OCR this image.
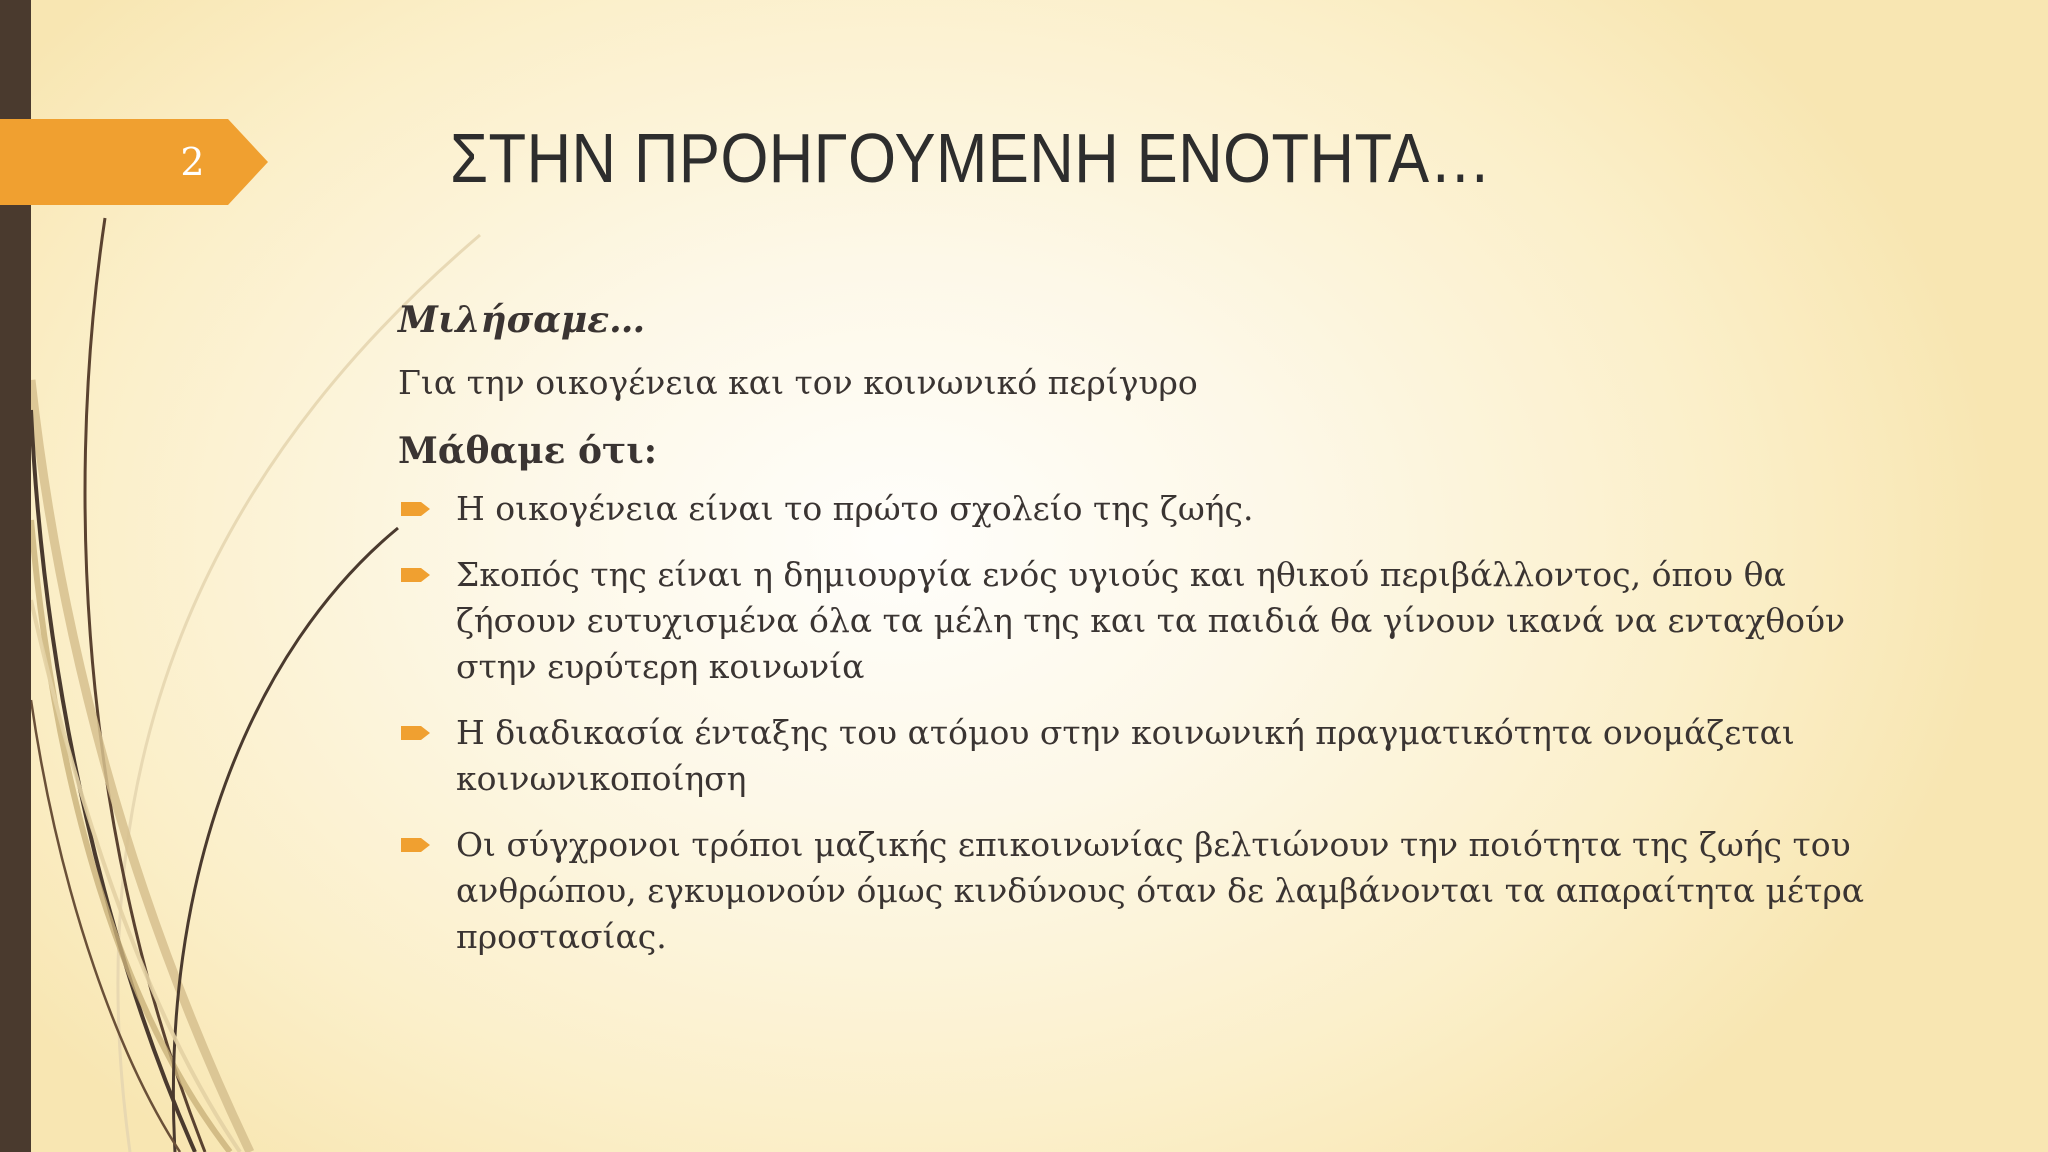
2	ΣΤΗΝ ΠΡΟΗΓΟΥΜΕΝΗ ΕΝΟΤΗΤΑ…

Μιλήσαμε…

Για την οικογένεια και τον κοινωνικό περίγυρο

Μάθαμε ότι:

Η οικογένεια είναι το πρώτο σχολείο της ζωής.
Σκοπός της είναι η δημιουργία ενός υγιούς και ηθικού περιβάλλοντος, όπου θα ζήσουν ευτυχισμένα όλα τα μέλη της και τα παιδιά θα γίνουν ικανά να ενταχθούν στην ευρύτερη κοινωνία
Η διαδικασία ένταξης του ατόμου στην κοινωνική πραγματικότητα ονομάζεται κοινωνικοποίηση
Οι σύγχρονοι τρόποι μαζικής επικοινωνίας βελτιώνουν την ποιότητα της ζωής του ανθρώπου, εγκυμονούν όμως κινδύνους όταν δε λαμβάνονται τα απαραίτητα μέτρα προστασίας.
